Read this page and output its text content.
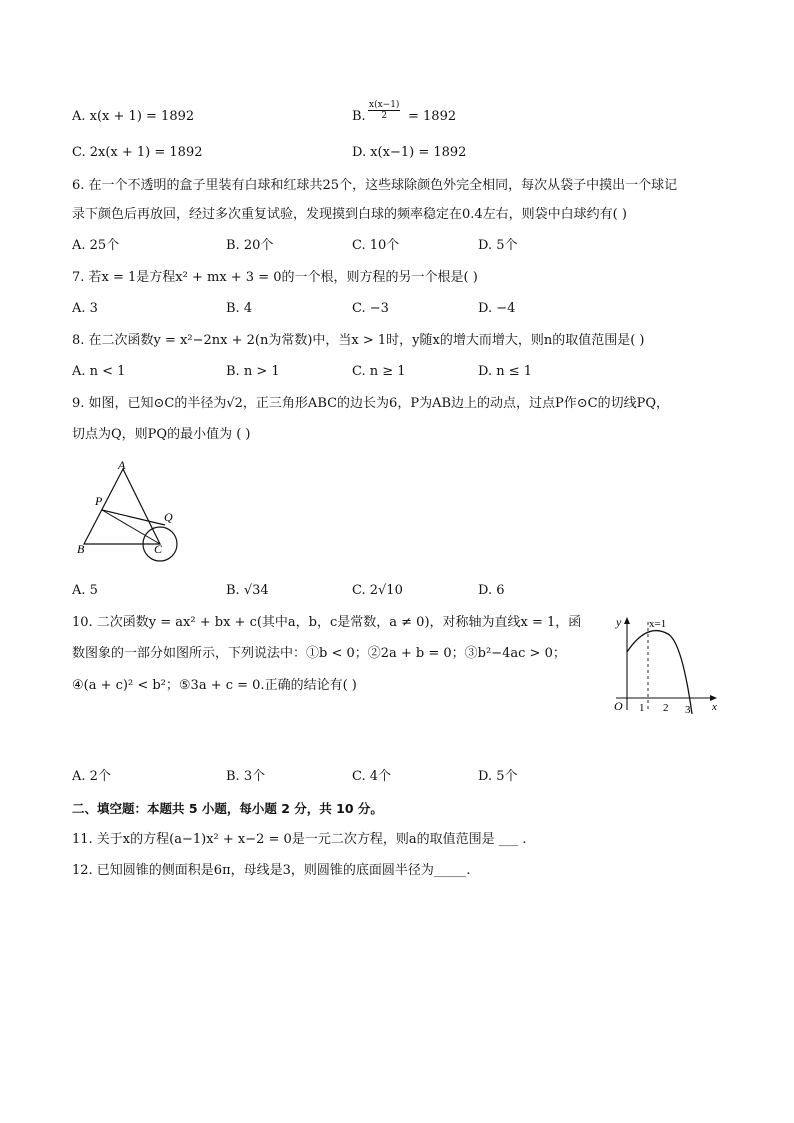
A. x(x + 1) = 1892	B. $\frac{x(x-1)}{2} = 1892$
C. 2x(x + 1) = 1892	D. x(x−1) = 1892
6. 在一个不透明的盒子里装有白球和红球共25个，这些球除颜色外完全相同，每次从袋子中摸出一个球记
录下颜色后再放回，经过多次重复试验，发现摸到白球的频率稳定在0.4左右，则袋中白球约有( )
A. 25个	B. 20个	C. 10个	D. 5个
7. 若x = 1是方程x² + mx + 3 = 0的一个根，则方程的另一个根是( )
A. 3	B. 4	C. −3	D. −4
8. 在二次函数y = x²−2nx + 2(n为常数)中，当x > 1时，y随x的增大而增大，则n的取值范围是( )
A. n < 1	B. n > 1	C. n ≥ 1	D. n ≤ 1
9. 如图，已知⊙C的半径为√2，正三角形ABC的边长为6，P为AB边上的动点，过点P作⊙C的切线PQ，
切点为Q，则PQ的最小值为 ( )
A
P
Q
B	C
A. 5	B. √34	C. 2√10	D. 6
10. 二次函数y = ax² + bx + c(其中a，b，c是常数，a ≠ 0)，对称轴为直线x = 1，函
数图象的一部分如图所示，下列说法中：①b < 0；②2a + b = 0；③b²−4ac > 0；
④(a + c)² < b²；⑤3a + c = 0.正确的结论有( )
y	x=1
O 1 2 3 x
A. 2个	B. 3个	C. 4个	D. 5个
二、填空题：本题共 5 小题，每小题 2 分，共 10 分。
11. 关于x的方程(a−1)x² + x−2 = 0是一元二次方程，则a的取值范围是 ___ .
12. 已知圆锥的侧面积是6π，母线是3，则圆锥的底面圆半径为_____.
